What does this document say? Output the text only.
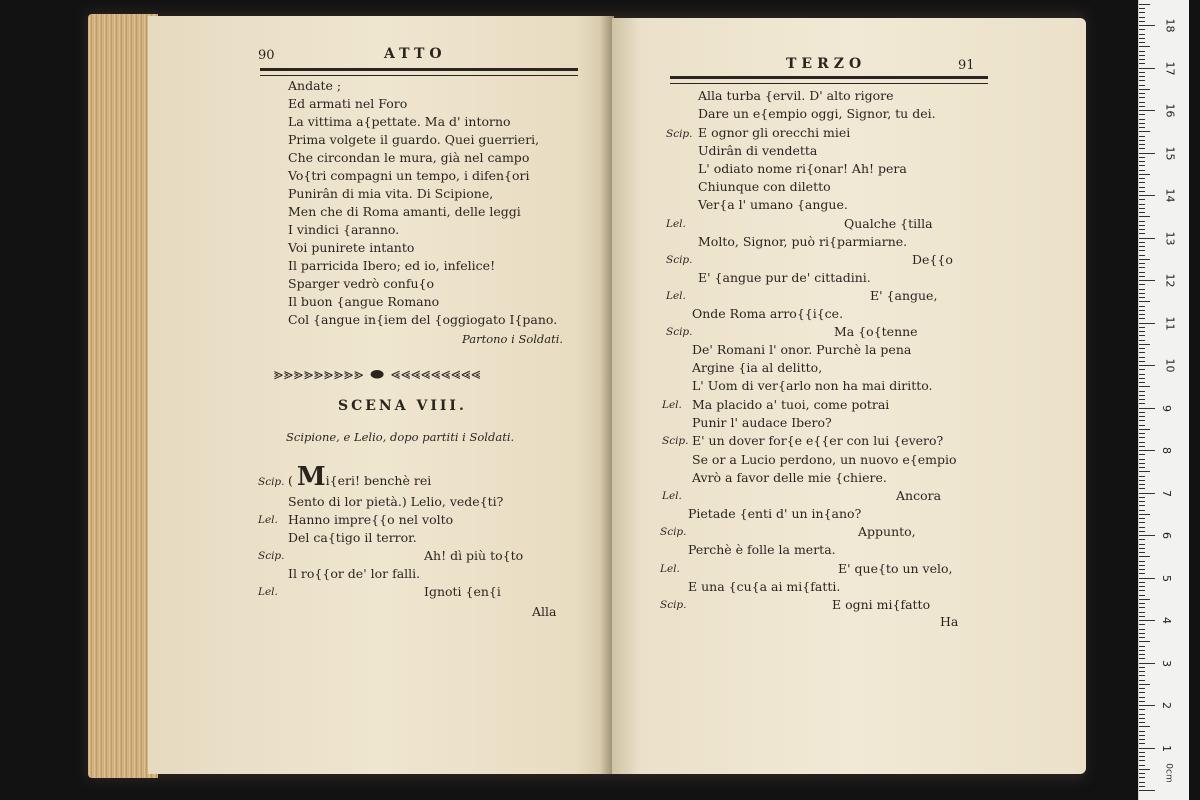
90	ATTO
Andate ;
Ed armati nel Foro
La vittima a{pettate. Ma d' intorno
Prima volgete il guardo. Quei guerrieri,
Che circondan le mura, già nel campo
Vo{tri compagni un tempo, i difen{ori
Punirân di mia vita. Di Scipione,
Men che di Roma amanti, delle leggi
I vindici {aranno.
Voi punirete intanto
Il parricida Ibero; ed io, infelice!
Sparger vedrò confu{o
Il buon {angue Romano
Col {angue in{iem del {oggiogato I{pano.
Partono i Soldati.
⪢⪢⪢⪢⪢⪢⪢⪢⪢ ⬬ ⪡⪡⪡⪡⪡⪡⪡⪡⪡
SCENA VIII.
Scipione, e Lelio, dopo partiti i Soldati.
Scip. ( Mi{eri! benchè rei
Sento di lor pietà.) Lelio, vede{ti?
Lel. Hanno impre{{o nel volto
Del ca{tigo il terror.
Scip.	Ah! dì più to{to
Il ro{{or de' lor falli.
Lel.	Ignoti {en{i
Alla
TERZO	91
Alla turba {ervil. D' alto rigore
Dare un e{empio oggi, Signor, tu dei.
Scip. E ognor gli orecchi miei
Udirân di vendetta
L' odiato nome ri{onar! Ah! pera
Chiunque con diletto
Ver{a l' umano {angue.
Lel.	Qualche {tilla
Molto, Signor, può ri{parmiarne.
Scip.	De{{o
E' {angue pur de' cittadini.
Lel.	E' {angue,
Onde Roma arro{{i{ce.
Scip.	Ma {o{tenne
De' Romani l' onor. Purchè la pena
Argine {ia al delitto,
L' Uom di ver{arlo non ha mai diritto.
Lel. Ma placido a' tuoi, come potrai
Punir l' audace Ibero?
Scip. E' un dover for{e e{{er con lui {evero?
Se or a Lucio perdono, un nuovo e{empio
Avrò a favor delle mie {chiere.
Lel.	Ancora
Pietade {enti d' un in{ano?
Scip.	Appunto,
Perchè è folle la merta.
Lel.	E' que{to un velo,
E una {cu{a ai mi{fatti.
Scip.	E ogni mi{fatto
Ha
0cm
1
2
3
4
5
6
7
8
9
10
11
12
13
14
15
16
17
18
